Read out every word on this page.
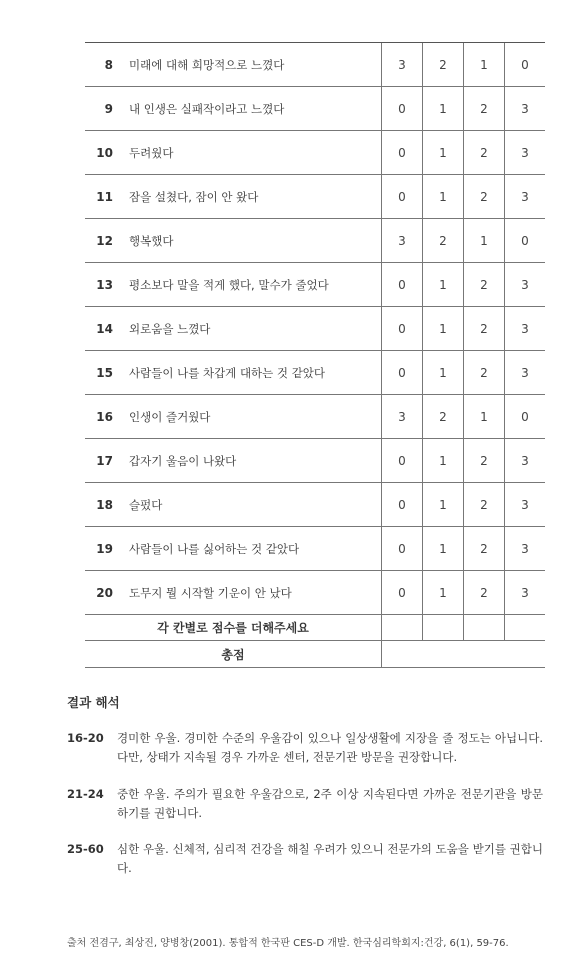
8	미래에 대해 희망적으로 느꼈다	3	2	1	0
9	내 인생은 실패작이라고 느꼈다	0	1	2	3
10	두려웠다	0	1	2	3
11	잠을 설쳤다, 잠이 안 왔다	0	1	2	3
12	행복했다	3	2	1	0
13	평소보다 말을 적게 했다, 말수가 줄었다	0	1	2	3
14	외로움을 느꼈다	0	1	2	3
15	사람들이 나를 차갑게 대하는 것 같았다	0	1	2	3
16	인생이 즐거웠다	3	2	1	0
17	갑자기 울음이 나왔다	0	1	2	3
18	슬펐다	0	1	2	3
19	사람들이 나를 싫어하는 것 같았다	0	1	2	3
20	도무지 뭘 시작할 기운이 안 났다	0	1	2	3
각 칸별로 점수를 더해주세요					
총점					
결과 해석
16-20 경미한 우울. 경미한 수준의 우울감이 있으나 일상생활에 지장을 줄 정도는 아닙니다. 다만, 상태가 지속될 경우 가까운 센터, 전문기관 방문을 권장합니다.
21-24 중한 우울. 주의가 필요한 우울감으로, 2주 이상 지속된다면 가까운 전문기관을 방문하기를 권합니다.
25-60 심한 우울. 신체적, 심리적 건강을 해칠 우려가 있으니 전문가의 도움을 받기를 권합니다.
출처 전겸구, 최상진, 양병창(2001). 통합적 한국판 CES-D 개발. 한국심리학회지:건강, 6(1), 59-76.
